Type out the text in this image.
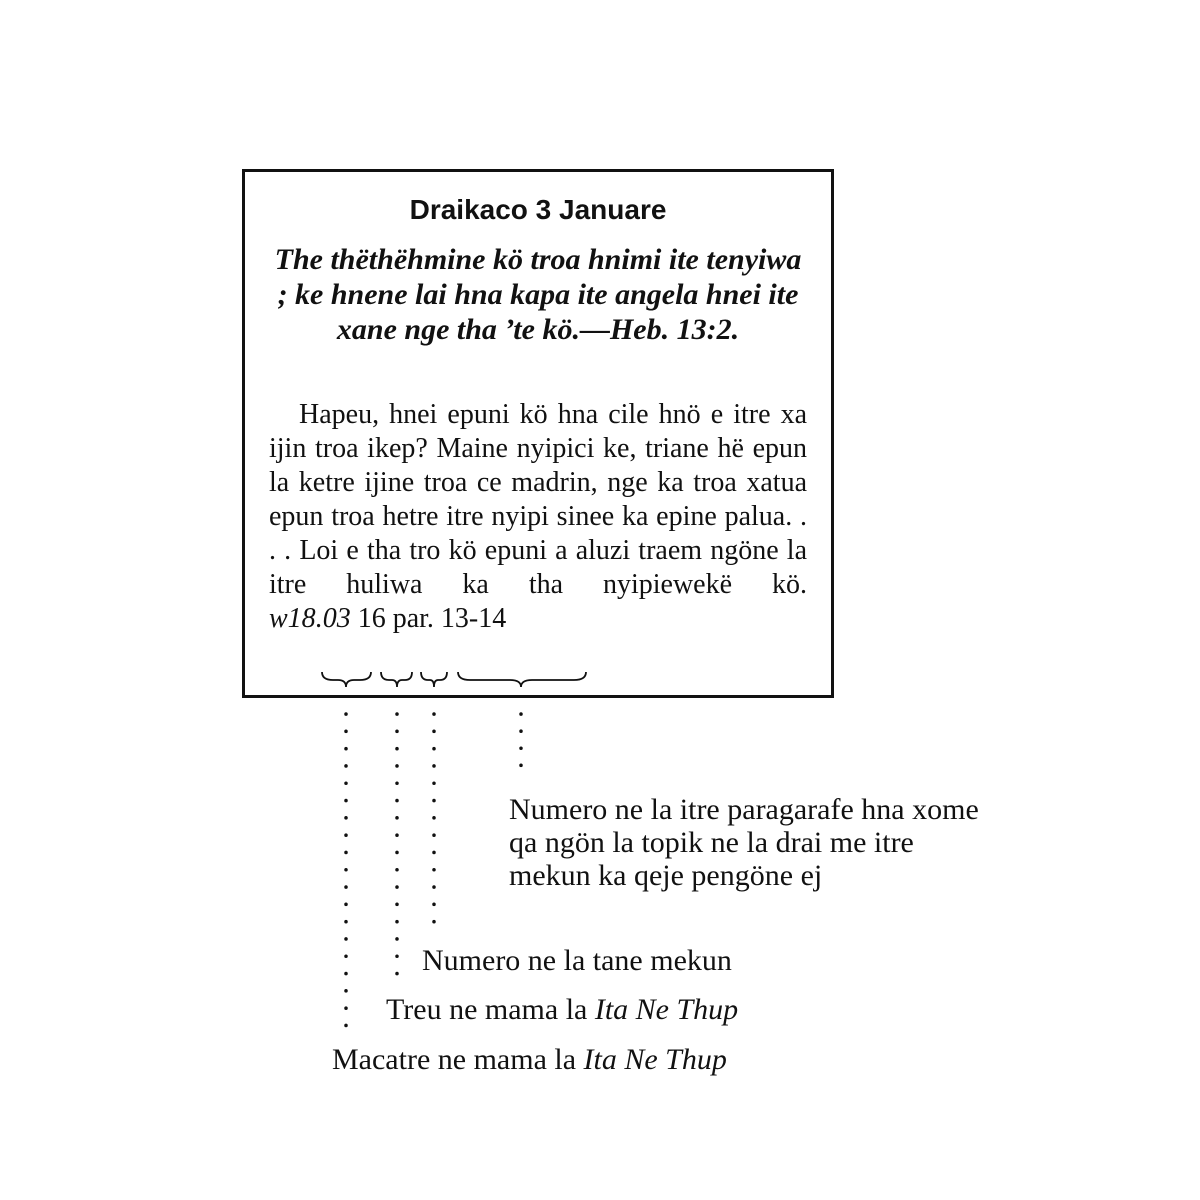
Draikaco 3 Januare
The thëthëhmine kö troa hnimi ite tenyiwa ; ke hnene lai hna kapa ite angela hnei ite xane nge tha ’te kö.—Heb. 13:2.
Hapeu, hnei epuni kö hna cile hnö e itre xa ijin troa ikep? Maine nyipici ke, triane hë epun la ketre ijine troa ce madrin, nge ka troa xatua epun troa hetre itre nyipi sinee ka epine palua. . . . Loi e tha tro kö epuni a aluzi traem ngöne la itre huliwa ka tha nyipiewekë kö. w18.03 16 par. 13-14
Numero ne la itre paragarafe hna xome qa ngön la topik ne la drai me itre mekun ka qeje pengöne ej
Numero ne la tane mekun
Treu ne mama la Ita Ne Thup
Macatre ne mama la Ita Ne Thup
